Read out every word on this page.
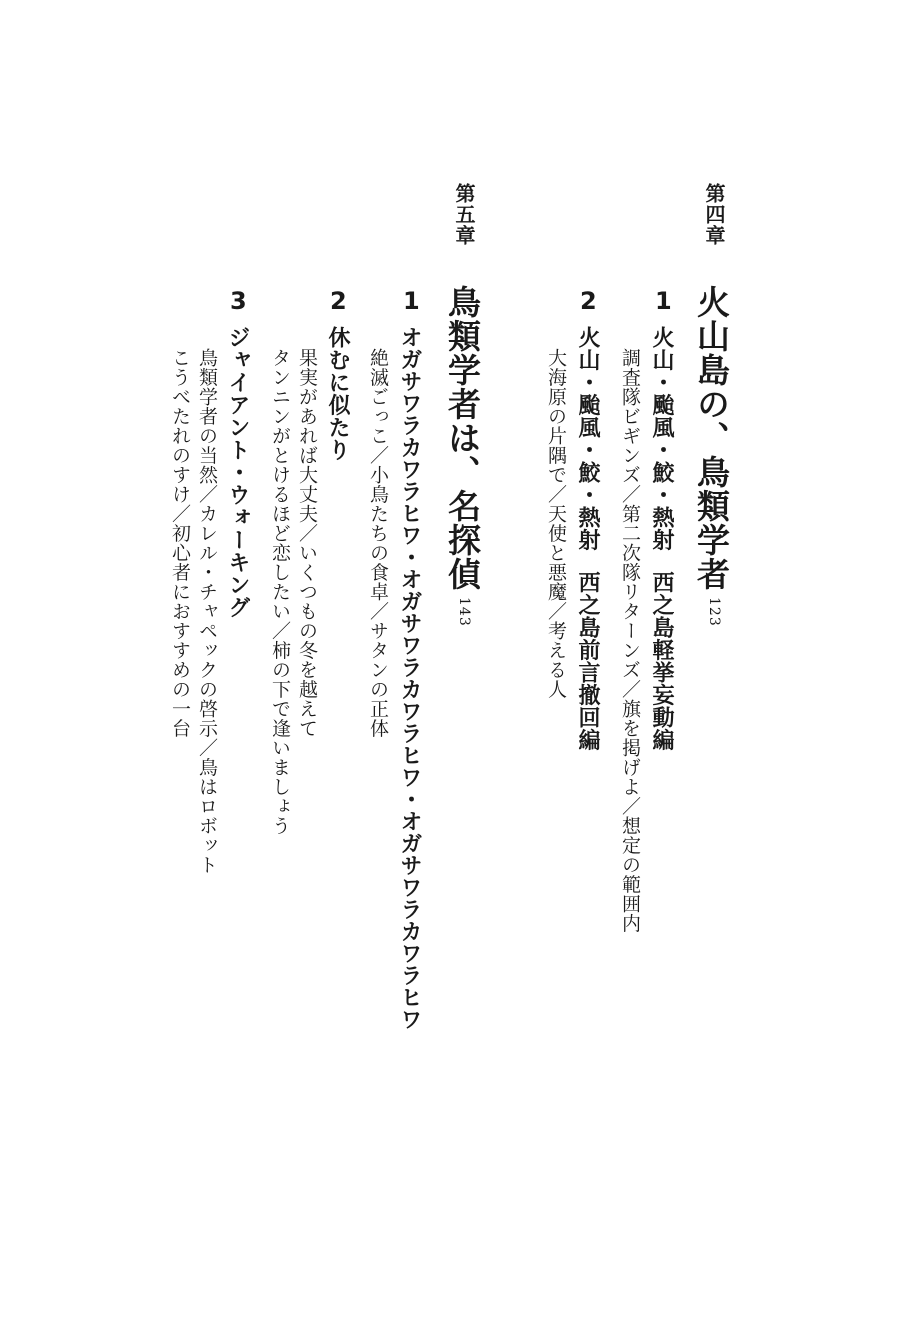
第四章
火山島の、鳥類学者
123
1
火山・颱風・鮫・熱射西之島軽挙妄動編
調査隊ビギンズ／第二次隊リターンズ／旗を掲げよ／想定の範囲内
2
火山・颱風・鮫・熱射西之島前言撤回編
大海原の片隅で／天使と悪魔／考える人
第五章
鳥類学者は、名探偵
143
1
オガサワラカワラヒワ・オガサワラカワラヒワ・オガサワラカワラヒワ
絶滅ごっこ／小鳥たちの食卓／サタンの正体
2
休むに似たり
果実があれば大丈夫／いくつもの冬を越えて
タンニンがとけるほど恋したい／柿の下で逢いましょう
3
ジャイアント・ウォーキング
鳥類学者の当然／カレル・チャペックの啓示／鳥はロボット
こうべたれのすけ／初心者におすすめの一台
